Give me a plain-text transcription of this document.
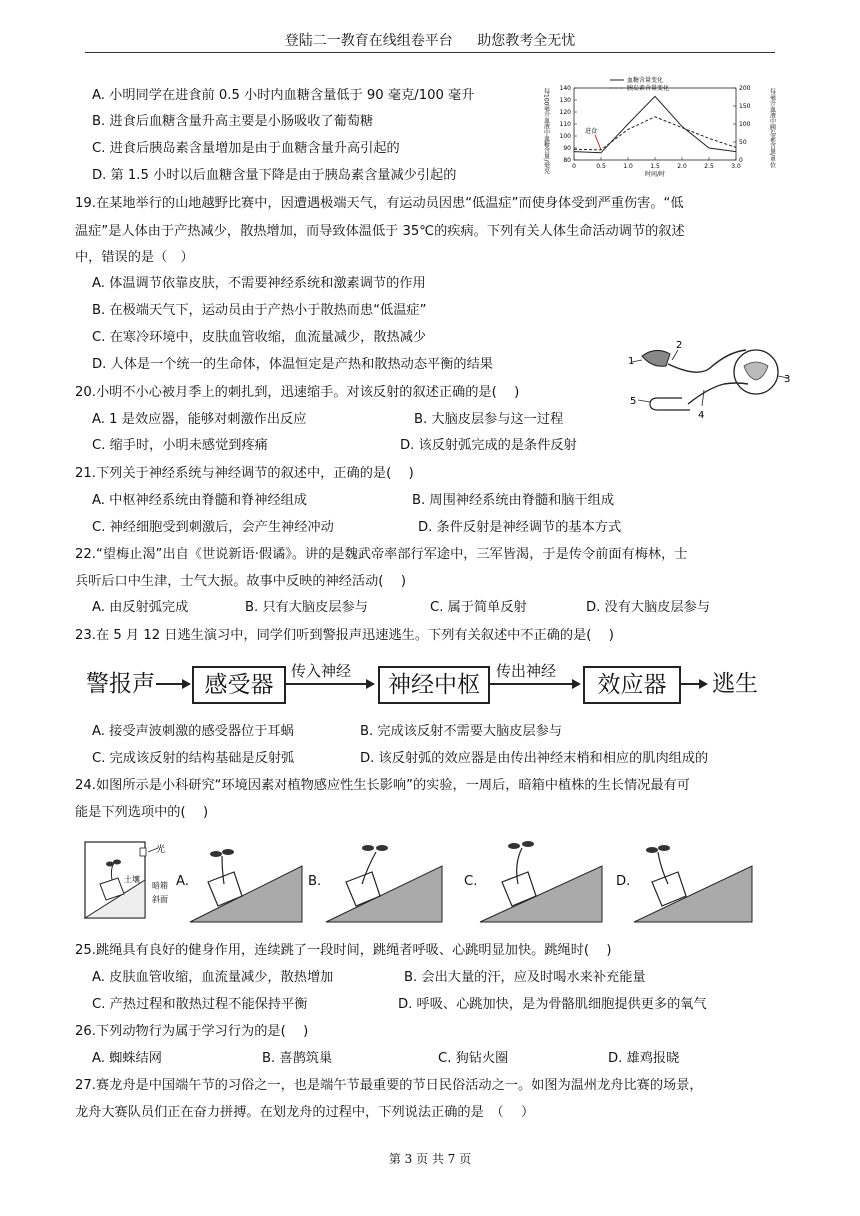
登陆二一教育在线组卷平台 助您教考全无忧
A. 小明同学在进食前 0.5 小时内血糖含量低于 90 毫克/100 毫升
B. 进食后血糖含量升高主要是小肠吸收了葡萄糖
C. 进食后胰岛素含量增加是由于血糖含量升高引起的
D. 第 1.5 小时以后血糖含量下降是由于胰岛素含量减少引起的
0	0.5	1.0	1.5	2.0	2.5	3.0
80
90
100
110
120
130
140
0
50
100
150
200
时间/时
每100毫升血液中血糖含量/毫克	每毫升血液中胰岛素含量/单位
血糖含量变化
胰岛素含量变化
进食
19.在某地举行的山地越野比赛中，因遭遇极端天气，有运动员因患“低温症”而使身体受到严重伤害。“低
温症”是人体由于产热减少，散热增加，而导致体温低于 35℃的疾病。下列有关人体生命活动调节的叙述
中，错误的是（　）
A. 体温调节依靠皮肤，不需要神经系统和激素调节的作用
B. 在极端天气下，运动员由于产热小于散热而患“低温症”
C. 在寒冷环境中，皮肤血管收缩，血流量减少，散热减少
D. 人体是一个统一的生命体，体温恒定是产热和散热动态平衡的结果	1
2
3
4
5
20.小明不小心被月季上的刺扎到，迅速缩手。对该反射的叙述正确的是(　 )
A. 1 是效应器，能够对刺激作出反应	B. 大脑皮层参与这一过程
C. 缩手时，小明未感觉到疼痛	D. 该反射弧完成的是条件反射
21.下列关于神经系统与神经调节的叙述中，正确的是(　 )
A. 中枢神经系统由脊髓和脊神经组成	B. 周围神经系统由脊髓和脑干组成
C. 神经细胞受到刺激后，会产生神经冲动	D. 条件反射是神经调节的基本方式
22.“望梅止渴”出自《世说新语·假谲》。讲的是魏武帝率部行军途中，三军皆渴，于是传令前面有梅林，士
兵听后口中生津，士气大振。故事中反映的神经活动(　 )
A. 由反射弧完成	B. 只有大脑皮层参与	C. 属于简单反射	D. 没有大脑皮层参与
23.在 5 月 12 日逃生演习中，同学们听到警报声迅速逃生。下列有关叙述中不正确的是(　 )
警报声	感受器
传入神经
神经中枢
传出神经
效应器	逃生
A. 接受声波刺激的感受器位于耳蜗	B. 完成该反射不需要大脑皮层参与
C. 完成该反射的结构基础是反射弧	D. 该反射弧的效应器是由传出神经末梢和相应的肌肉组成的
24.如图所示是小科研究“环境因素对植物感应性生长影响”的实验，一周后，暗箱中植株的生长情况最有可
能是下列选项中的(　 )
光
土壤
暗箱
斜面
A.	B.	C.	D.
25.跳绳具有良好的健身作用，连续跳了一段时间，跳绳者呼吸、心跳明显加快。跳绳时(　 )
A. 皮肤血管收缩，血流量减少，散热增加	B. 会出大量的汗，应及时喝水来补充能量
C. 产热过程和散热过程不能保持平衡	D. 呼吸、心跳加快，是为骨骼肌细胞提供更多的氧气
26.下列动物行为属于学习行为的是(　 )
A. 蜘蛛结网	B. 喜鹊筑巢	C. 狗钻火圈	D. 雄鸡报晓
27.赛龙舟是中国端午节的习俗之一，也是端午节最重要的节日民俗活动之一。如图为温州龙舟比赛的场景，
龙舟大赛队员们正在奋力拼搏。在划龙舟的过程中，下列说法正确的是　（　 ）
第 3 页 共 7 页
